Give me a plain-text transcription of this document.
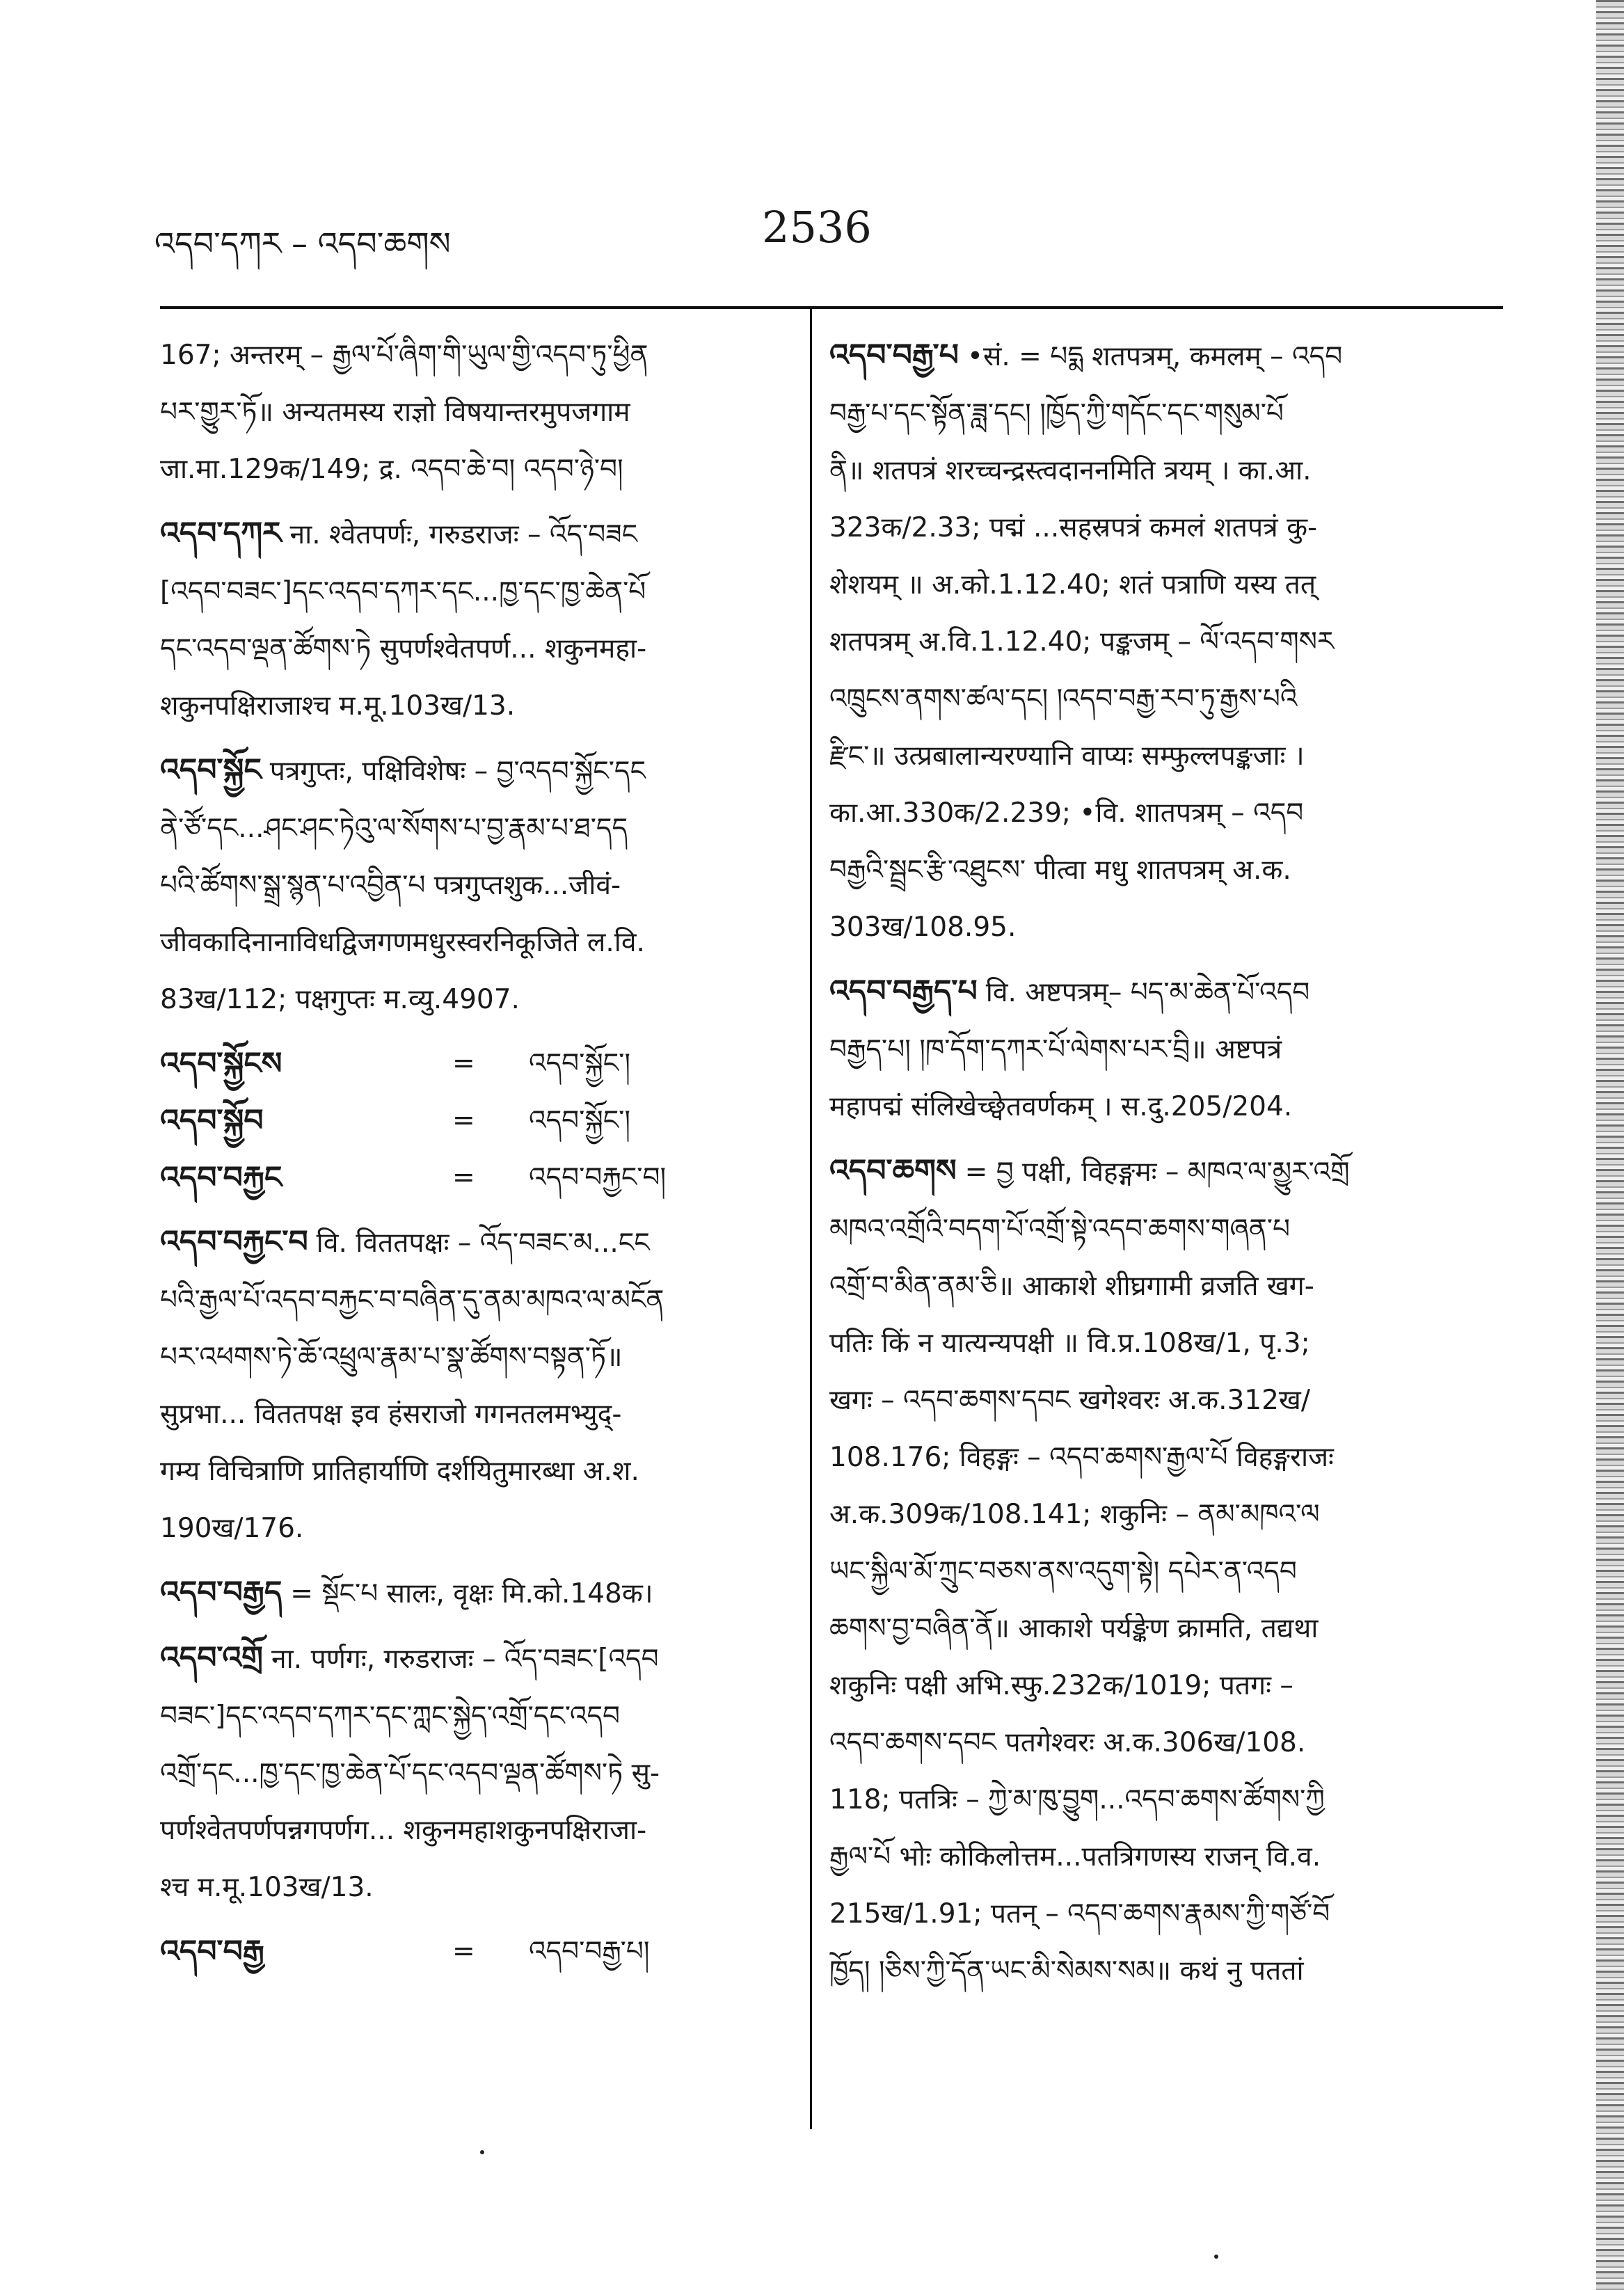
འདབ་དཀར – འདབ་ཆགས	2536

167; अन्तरम् – རྒྱལ་པོ་ཞིག་གི་ཡུལ་གྱི་འདབ་ཏུ་ཕྱིན

པར་གྱུར་ཏོ॥ अन्यतमस्य राज्ञो विषयान्तरमुपजगाम

जा.मा.129क/149; द्र. འདབ་ཆེ་བ། འདབ་ཉེ་བ།

འདབ་དཀར ना. श्वेतपर्णः, गरुडराजः – འོད་བཟང

[འདབ་བཟང་]དང་འདབ་དཀར་དང...ཁྱ་དང་ཁྱ་ཆེན་པོ

དང་འདབ་ལྡན་ཚོགས་ཏེ सुपर्णश्वेतपर्ण... शकुनमहा-

शकुनपक्षिराजाश्च म.मू.103ख/13.

འདབ་སྐྱོང पत्रगुप्तः, पक्षिविशेषः – བྱ་འདབ་སྐྱོང་དང

ནེ་ཙོ་དང...ཤང་ཤང་ཏེའུ་ལ་སོགས་པ་བྱ་རྣམ་པ་ཐ་དད

པའི་ཚོགས་སྒྲ་སྙན་པ་འབྱིན་པ पत्रगुप्तशुक...जीवं-

जीवकादिनानाविधद्विजगणमधुरस्वरनिकूजिते ल.वि.

83ख/112; पक्षगुप्तः म.व्यु.4907.

འདབ་སྐྱོངས	=	འདབ་སྐྱོང་།

འདབ་སྐྱོབ	=	འདབ་སྐྱོང་།

འདབ་བརྐྱང	=	འདབ་བརྐྱང་བ།

འདབ་བརྐྱང་བ वि. विततपक्षः – འོད་བཟང་མ...ངང

པའི་རྒྱལ་པོ་འདབ་བརྐྱང་བ་བཞིན་དུ་ནམ་མཁའ་ལ་མངོན

པར་འཕགས་ཏེ་ཆོ་འཕྲུལ་རྣམ་པ་སྣ་ཚོགས་བསྟན་ཏོ॥

सुप्रभा... विततपक्ष इव हंसराजो गगनतलमभ्युद्-

गम्य विचित्राणि प्रातिहार्याणि दर्शयितुमारब्धा अ.श.

190ख/176.

འདབ་བརྒྱད = སྡོང་པ सालः, वृक्षः मि.को.148क।

འདབ་འགྲོ ना. पर्णगः, गरुडराजः – འོད་བཟང་[འདབ

བཟང་]དང་འདབ་དཀར་དང་ཀླང་སྐྱེད་འགྲོ་དང་འདབ

འགྲོ་དང...ཁྱ་དང་ཁྱ་ཆེན་པོ་དང་འདབ་ལྡན་ཚོགས་ཏེ सु-

पर्णश्वेतपर्णपन्नगपर्णग... शकुनमहाशकुनपक्षिराजा-

श्च म.मू.103ख/13.

འདབ་བརྒྱ	=	འདབ་བརྒྱ་པ།

འདབ་བརྒྱ་པ •सं. = པདྨ शतपत्रम्, कमलम् – འདབ

བརྒྱ་པ་དང་སྟོན་ཟླ་དང། །ཁྱོད་ཀྱི་གདོང་དང་གསུམ་པོ

ནི॥ शतपत्रं शरच्चन्द्रस्त्वदाननमिति त्रयम् । का.आ.

323क/2.33; पद्मं ...सहस्रपत्रं कमलं शतपत्रं कु-

शेशयम् ॥ अ.को.1.12.40; शतं पत्राणि यस्य तत्

शतपत्रम् अ.वि.1.12.40; पङ्कजम् – ལོ་འདབ་གསར

འཁྲུངས་ནགས་ཚལ་དང། །འདབ་བརྒྱ་རབ་ཏུ་རྒྱས་པའི

རྫིང་॥ उत्प्रबालान्यरण्यानि वाप्यः सम्फुल्लपङ्कजाः ।

का.आ.330क/2.239; •वि. शातपत्रम् – འདབ

བརྒྱའི་སྦྲང་རྩི་འཐུངས་ पीत्वा मधु शातपत्रम् अ.क.

303ख/108.95.

འདབ་བརྒྱད་པ वि. अष्टपत्रम्– པད་མ་ཆེན་པོ་འདབ

བརྒྱད་པ། །ཁ་དོག་དཀར་པོ་ལེགས་པར་བྲི॥ अष्टपत्रं

महापद्मं संलिखेच्छ्वेतवर्णकम् । स.दु.205/204.

འདབ་ཆགས = བྱ पक्षी, विहङ्गमः – མཁའ་ལ་མྱུར་འགྲོ

མཁའ་འགྲོའི་བདག་པོ་འགྲོ་སྟེ་འདབ་ཆགས་གཞན་པ

འགྲོ་བ་མིན་ནམ་ཅི॥ आकाशे शीघ्रगामी व्रजति खग-

पतिः किं न यात्यन्यपक्षी ॥ वि.प्र.108ख/1, पृ.3;

खगः – འདབ་ཆགས་དབང खगेश्वरः अ.क.312ख/

108.176; विहङ्गः – འདབ་ཆགས་རྒྱལ་པོ विहङ्गराजः

अ.क.309क/108.141; शकुनिः – ནམ་མཁའ་ལ

ཡང་སྐྱིལ་མོ་ཀྲུང་བཅས་ནས་འདུག་སྟེ། དཔེར་ན་འདབ

ཆགས་བྱ་བཞིན་ནོ॥ आकाशे पर्यङ्केण क्रामति, तद्यथा

शकुनिः पक्षी अभि.स्फु.232क/1019; पतगः –

འདབ་ཆགས་དབང पतगेश्वरः अ.क.306ख/108.

118; पतत्रिः – ཀྱེ་མ་ཁུ་བྱུག...འདབ་ཆགས་ཚོགས་ཀྱི

རྒྱལ་པོ भोः कोकिलोत्तम...पतत्रिगणस्य राजन् वि.व.

215ख/1.91; पतन् – འདབ་ཆགས་རྣམས་ཀྱི་གཙོ་བོ

ཁྱོད། །ཅིས་ཀྱི་དོན་ཡང་མི་སེམས་སམ॥ कथं नु पततां
